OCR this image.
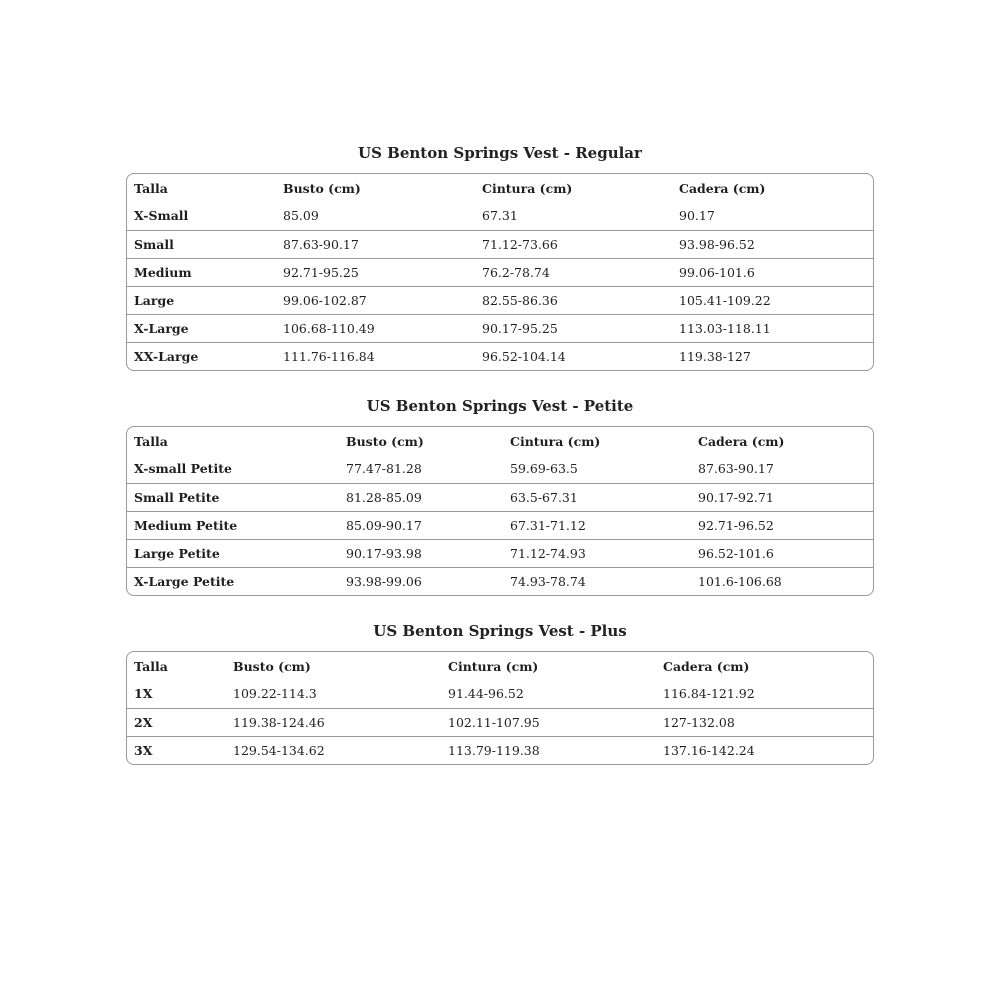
US Benton Springs Vest - Regular
Talla	Busto (cm)	Cintura (cm)	Cadera (cm)
X-Small	85.09	67.31	90.17
Small	87.63-90.17	71.12-73.66	93.98-96.52
Medium	92.71-95.25	76.2-78.74	99.06-101.6
Large	99.06-102.87	82.55-86.36	105.41-109.22
X-Large	106.68-110.49	90.17-95.25	113.03-118.11
XX-Large	111.76-116.84	96.52-104.14	119.38-127
US Benton Springs Vest - Petite
Talla	Busto (cm)	Cintura (cm)	Cadera (cm)
X-small Petite	77.47-81.28	59.69-63.5	87.63-90.17
Small Petite	81.28-85.09	63.5-67.31	90.17-92.71
Medium Petite	85.09-90.17	67.31-71.12	92.71-96.52
Large Petite	90.17-93.98	71.12-74.93	96.52-101.6
X-Large Petite	93.98-99.06	74.93-78.74	101.6-106.68
US Benton Springs Vest - Plus
Talla	Busto (cm)	Cintura (cm)	Cadera (cm)
1X	109.22-114.3	91.44-96.52	116.84-121.92
2X	119.38-124.46	102.11-107.95	127-132.08
3X	129.54-134.62	113.79-119.38	137.16-142.24
